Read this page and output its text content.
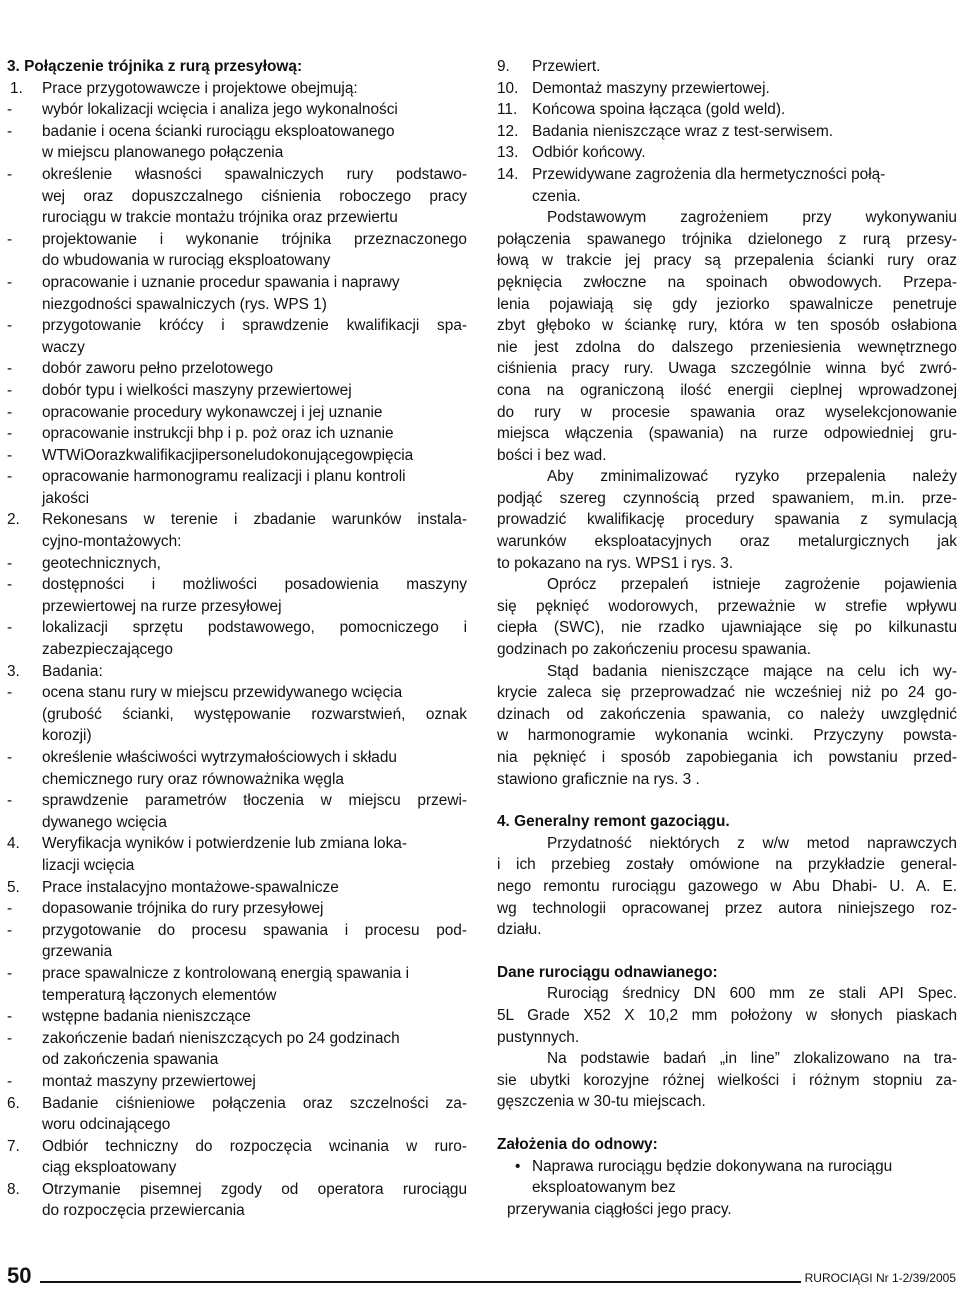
3. Połączenie trójnika z rurą przesyłową:
1. Prace przygotowawcze i projektowe obejmują:
- wybór lokalizacji wcięcia i analiza jego wykonalności
- badanie i ocena ścianki rurociągu eksploatowanego
w miejscu planowanego połączenia
- określenie własności spawalniczych rury podstawo-
wej oraz dopuszczalnego ciśnienia roboczego pracy
rurociągu w trakcie montażu trójnika oraz przewiertu
- projektowanie i wykonanie trójnika przeznaczonego
do wbudowania w rurociąg eksploatowany
- opracowanie i uznanie procedur spawania i naprawy
niezgodności spawalniczych (rys. WPS 1)
- przygotowanie króćcy i sprawdzenie kwalifikacji spa-
waczy
- dobór zaworu pełno przelotowego
- dobór typu i wielkości maszyny przewiertowej
- opracowanie procedury wykonawczej i jej uznanie
- opracowanie instrukcji bhp i p. poż oraz ich uznanie
- WTWiOorazkwalifikacjipersoneludokonującegowpięcia
- opracowanie harmonogramu realizacji i planu kontroli
jakości
2. Rekonesans w terenie i zbadanie warunków instala-
cyjno-montażowych:
- geotechnicznych,
- dostępności i możliwości posadowienia maszyny
przewiertowej na rurze przesyłowej
- lokalizacji sprzętu podstawowego, pomocniczego i
zabezpieczającego
3. Badania:
- ocena stanu rury w miejscu przewidywanego wcięcia
(grubość ścianki, występowanie rozwarstwień, oznak
korozji)
- określenie właściwości wytrzymałościowych i składu
chemicznego rury oraz równoważnika węgla
- sprawdzenie parametrów tłoczenia w miejscu przewi-
dywanego wcięcia
4. Weryfikacja wyników i potwierdzenie lub zmiana loka-
lizacji wcięcia
5. Prace instalacyjno montażowe-spawalnicze
- dopasowanie trójnika do rury przesyłowej
- przygotowanie do procesu spawania i procesu pod-
grzewania
- prace spawalnicze z kontrolowaną energią spawania i
temperaturą łączonych elementów
- wstępne badania nieniszczące
- zakończenie badań nieniszczących po 24 godzinach
od zakończenia spawania
- montaż maszyny przewiertowej
6. Badanie ciśnieniowe połączenia oraz szczelności za-
woru odcinającego
7. Odbiór techniczny do rozpoczęcia wcinania w ruro-
ciąg eksploatowany
8. Otrzymanie pisemnej zgody od operatora rurociągu
do rozpoczęcia przewiercania
9. Przewiert.
10. Demontaż maszyny przewiertowej.
11. Końcowa spoina łącząca (gold weld).
12. Badania nieniszczące wraz z test-serwisem.
13. Odbiór końcowy.
14. Przewidywane zagrożenia dla hermetyczności połą-
czenia.
Podstawowym zagrożeniem przy wykonywaniu
połączenia spawanego trójnika dzielonego z rurą przesy-
łową w trakcie jej pracy są przepalenia ścianki rury oraz
pęknięcia zwłoczne na spoinach obwodowych. Przepa-
lenia pojawiają się gdy jeziorko spawalnicze penetruje
zbyt głęboko w ściankę rury, która w ten sposób osłabiona
nie jest zdolna do dalszego przeniesienia wewnętrznego
ciśnienia pracy rury. Uwaga szczególnie winna być zwró-
cona na ograniczoną ilość energii cieplnej wprowadzonej
do rury w procesie spawania oraz wyselekcjonowanie
miejsca włączenia (spawania) na rurze odpowiedniej gru-
bości i bez wad.
Aby zminimalizować ryzyko przepalenia należy
podjąć szereg czynnością przed spawaniem, m.in. prze-
prowadzić kwalifikację procedury spawania z symulacją
warunków eksploatacyjnych oraz metalurgicznych jak
to pokazano na rys. WPS1 i rys. 3.
Oprócz przepaleń istnieje zagrożenie pojawienia
się pęknięć wodorowych, przeważnie w strefie wpływu
ciepła (SWC), nie rzadko ujawniające się po kilkunastu
godzinach po zakończeniu procesu spawania.
Stąd badania nieniszczące mające na celu ich wy-
krycie zaleca się przeprowadzać nie wcześniej niż po 24 go-
dzinach od zakończenia spawania, co należy uwzględnić
w harmonogramie wykonania wcinki. Przyczyny powsta-
nia pęknięć i sposób zapobiegania ich powstaniu przed-
stawiono graficznie na rys. 3 .
4. Generalny remont gazociągu.
Przydatność niektórych z w/w metod naprawczych
i ich przebieg zostały omówione na przykładzie general-
nego remontu rurociągu gazowego w Abu Dhabi- U. A. E.
wg technologii opracowanej przez autora niniejszego roz-
działu.
Dane rurociągu odnawianego:
Rurociąg średnicy DN 600 mm ze stali API Spec.
5L Grade X52 X 10,2 mm położony w słonych piaskach
pustynnych.
Na podstawie badań „in line” zlokalizowano na tra-
sie ubytki korozyjne różnej wielkości i różnym stopniu za-
gęszczenia w 30-tu miejscach.
Założenia do odnowy:
• Naprawa rurociągu będzie dokonywana na rurociągu
eksploatowanym bez
przerywania ciągłości jego pracy.
50	RUROCIĄGI Nr 1-2/39/2005
